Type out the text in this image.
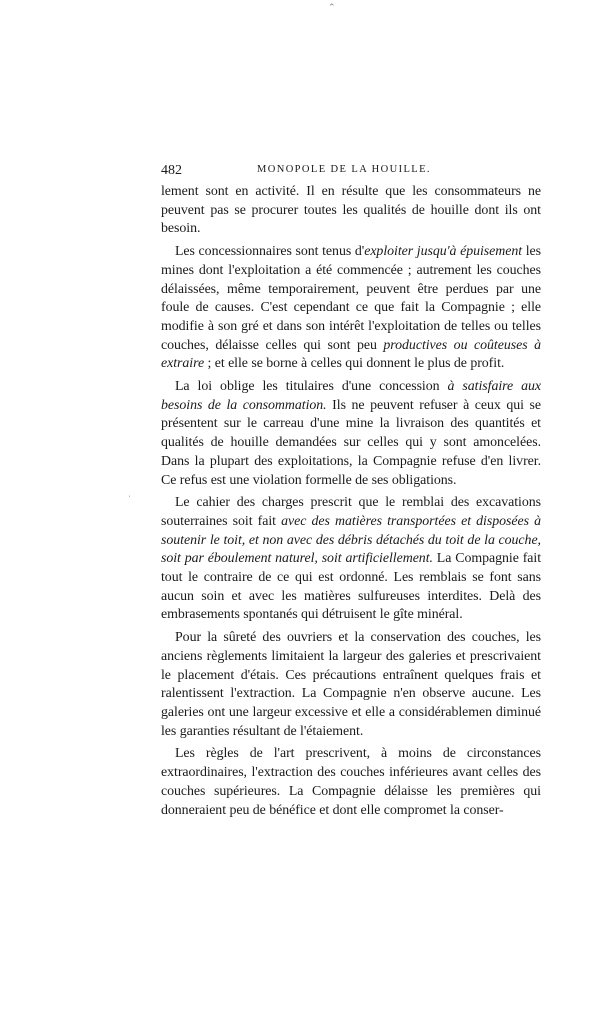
⌃
ˌ
482	MONOPOLE DE LA HOUILLE.

lement sont en activité. Il en résulte que les consommateurs ne peuvent pas se procurer toutes les qualités de houille dont ils ont besoin.

Les concessionnaires sont tenus d'exploiter jusqu'à épuisement les mines dont l'exploitation a été commencée ; autrement les couches délaissées, même temporairement, peuvent être perdues par une foule de causes. C'est cependant ce que fait la Compagnie ; elle modifie à son gré et dans son intérêt l'exploitation de telles ou telles couches, délaisse celles qui sont peu productives ou coûteuses à extraire ; et elle se borne à celles qui donnent le plus de profit.

La loi oblige les titulaires d'une concession à satisfaire aux besoins de la consommation. Ils ne peuvent refuser à ceux qui se présentent sur le carreau d'une mine la livraison des quantités et qualités de houille demandées sur celles qui y sont amoncelées. Dans la plupart des exploitations, la Compagnie refuse d'en livrer. Ce refus est une violation formelle de ses obligations.

Le cahier des charges prescrit que le remblai des excavations souterraines soit fait avec des matières transportées et disposées à soutenir le toit, et non avec des débris détachés du toit de la couche, soit par éboulement naturel, soit artificiellement. La Compagnie fait tout le contraire de ce qui est ordonné. Les remblais se font sans aucun soin et avec les matières sulfureuses interdites. Delà des embrasements spontanés qui détruisent le gîte minéral.

Pour la sûreté des ouvriers et la conservation des couches, les anciens règlements limitaient la largeur des galeries et prescrivaient le placement d'étais. Ces précautions entraînent quelques frais et ralentissent l'extraction. La Compagnie n'en observe aucune. Les galeries ont une largeur excessive et elle a considérablemen diminué les garanties résultant de l'étaiement.

Les règles de l'art prescrivent, à moins de circonstances extraordinaires, l'extraction des couches inférieures avant celles des couches supérieures. La Compagnie délaisse les premières qui donneraient peu de bénéfice et dont elle compromet la conser-
